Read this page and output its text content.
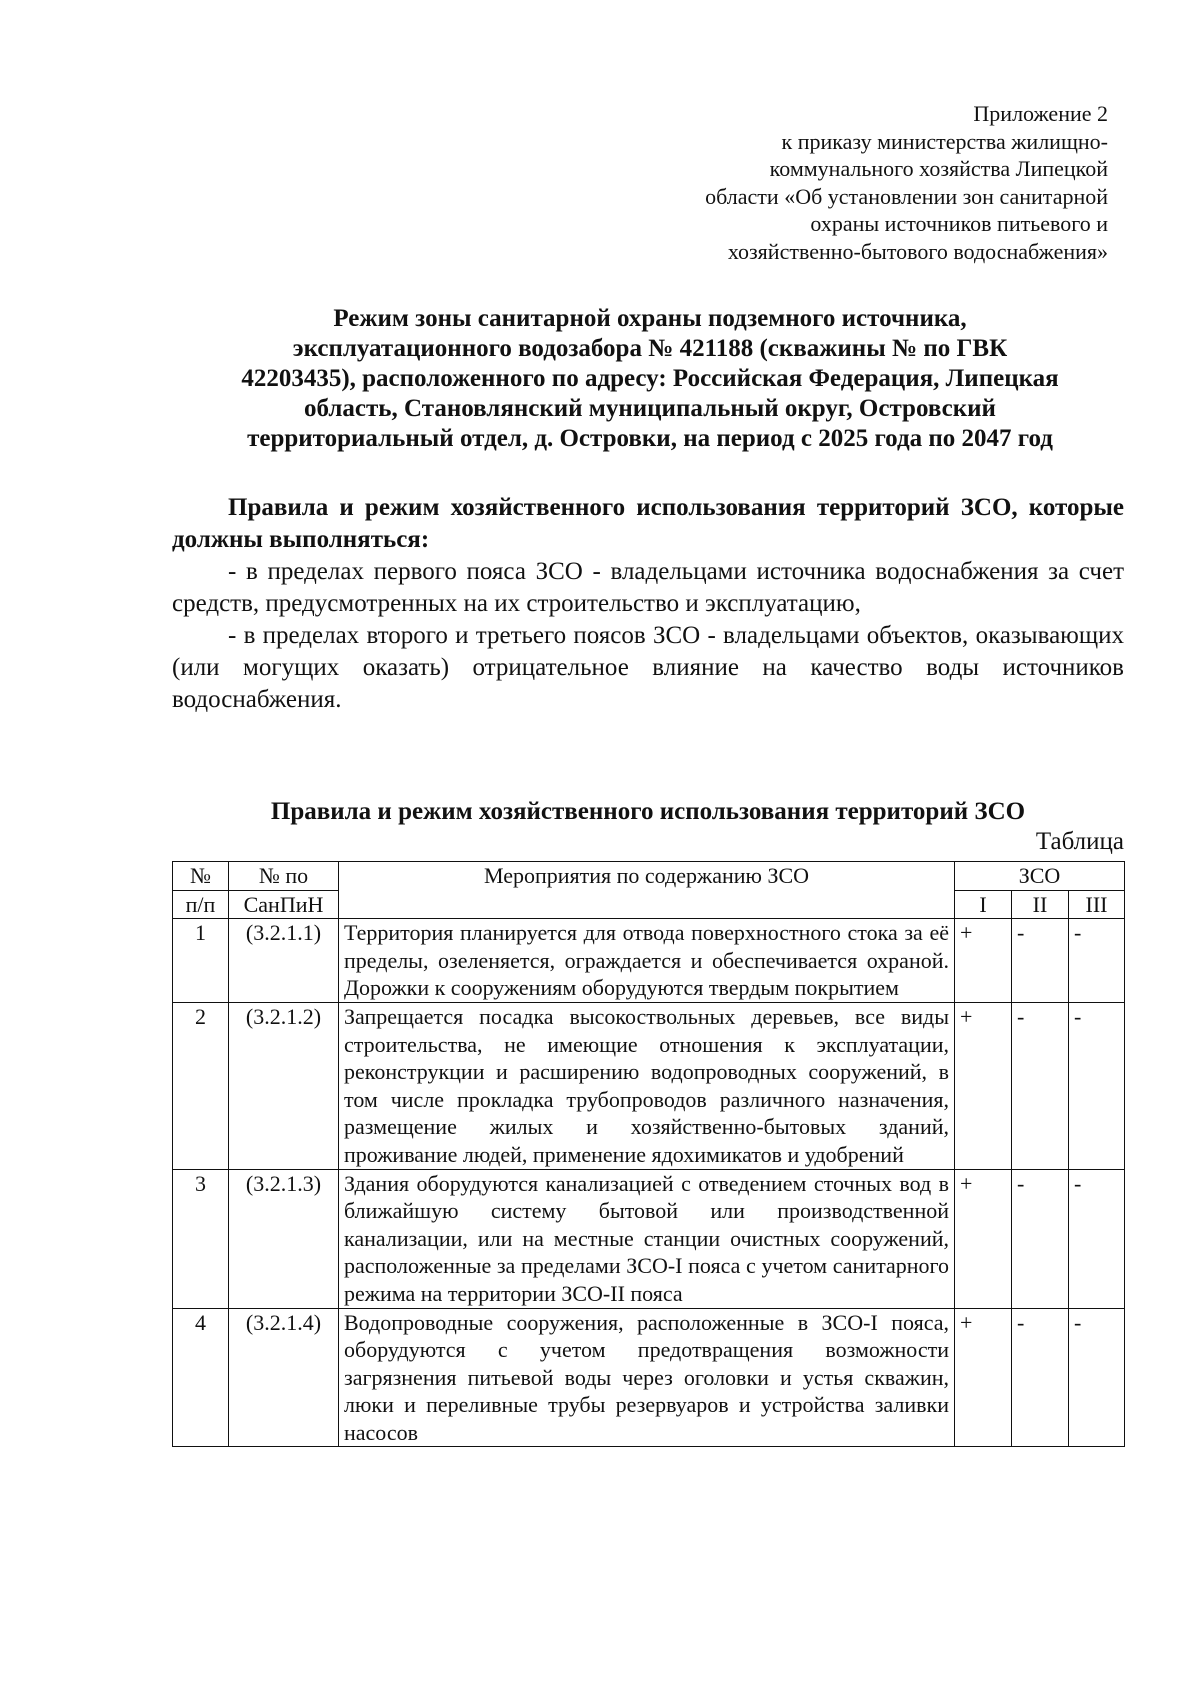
Приложение 2
к приказу министерства жилищно-
коммунального хозяйства Липецкой
области «Об установлении зон санитарной
охраны источников питьевого и
хозяйственно-бытового водоснабжения»
Режим зоны санитарной охраны подземного источника,
эксплуатационного водозабора № 421188 (скважины № по ГВК
42203435), расположенного по адресу: Российская Федерация, Липецкая
область, Становлянский муниципальный округ, Островский
территориальный отдел, д. Островки, на период с 2025 года по 2047 год

Правила и режим хозяйственного использования территорий ЗСО, которые должны выполняться:

- в пределах первого пояса ЗСО - владельцами источника водоснабжения за счет средств, предусмотренных на их строительство и эксплуатацию,

- в пределах второго и третьего поясов ЗСО - владельцами объектов, оказывающих (или могущих оказать) отрицательное влияние на качество воды источников водоснабжения.

Правила и режим хозяйственного использования территорий ЗСО
Таблица
№	№ по	Мероприятия по содержанию ЗСО	ЗСО		
п/п	СанПиН		I	II	III
1	(3.2.1.1)	Территория планируется для отвода поверхностного стока за её пределы, озеленяется, ограждается и обеспечивается охраной. Дорожки к сооружениям оборудуются твердым покрытием	+	-	-
2	(3.2.1.2)	Запрещается посадка высокоствольных деревьев, все виды строительства, не имеющие отношения к эксплуатации, реконструкции и расширению водопроводных сооружений, в том числе прокладка трубопроводов различного назначения, размещение жилых и хозяйственно-бытовых зданий, проживание людей, применение ядохимикатов и удобрений	+	-	-
3	(3.2.1.3)	Здания оборудуются канализацией с отведением сточных вод в ближайшую систему бытовой или производственной канализации, или на местные станции очистных сооружений, расположенные за пределами ЗСО-I пояса с учетом санитарного режима на территории ЗСО-II пояса	+	-	-
4	(3.2.1.4)	Водопроводные сооружения, расположенные в ЗСО-I пояса, оборудуются с учетом предотвращения возможности загрязнения питьевой воды через оголовки и устья скважин, люки и переливные трубы резервуаров и устройства заливки насосов	+	-	-
